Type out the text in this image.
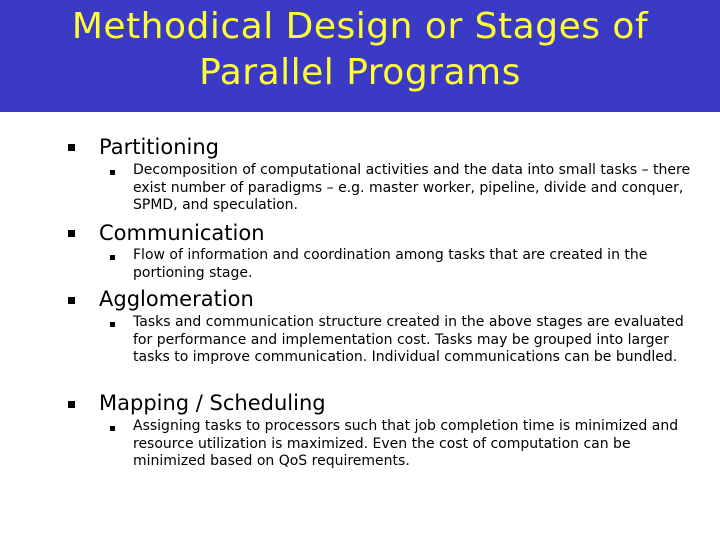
Methodical Design or Stages of
Parallel Programs
Partitioning
Decomposition of computational activities and the data into small tasks – there exist number of paradigms – e.g. master worker, pipeline, divide and conquer, SPMD, and speculation.
Communication
Flow of information and coordination among tasks that are created in the portioning stage.
Agglomeration
Tasks and communication structure created in the above stages are evaluated for performance and implementation cost. Tasks may be grouped into larger tasks to improve communication. Individual communications can be bundled.
Mapping / Scheduling
Assigning tasks to processors such that job completion time is minimized and resource utilization is maximized. Even the cost of computation can be minimized based on QoS requirements.
